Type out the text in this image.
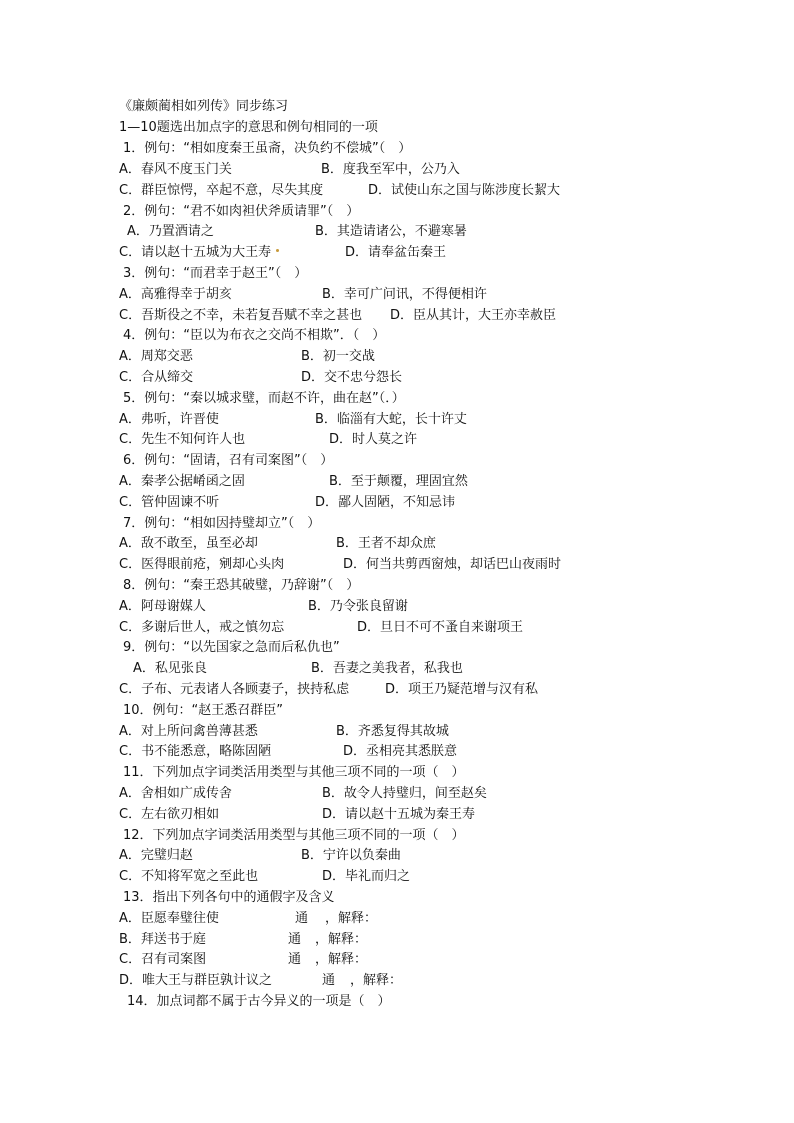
《廉颇蔺相如列传》同步练习
1—10题选出加点字的意思和例句相同的一项
1．例句：“相如度秦王虽斋，决负约不偿城”（　）
A．春风不度玉门关	B．度我至军中，公乃入
C．群臣惊愕，卒起不意，尽失其度	D．试使山东之国与陈涉度长絜大
2．例句：“君不如肉袒伏斧质请罪”（　）
A．乃置酒请之	B．其造请诸公，不避寒暑
C．请以赵十五城为大王寿	D．请奉盆缶秦王
3．例句：“而君幸于赵王”（　）
A．高雅得幸于胡亥	B．幸可广问讯，不得便相许
C．吾斯役之不幸，未若复吾赋不幸之甚也 D．臣从其计，大王亦幸赦臣
4．例句：“臣以为布衣之交尚不相欺”．（　）
A．周郑交恶	B．初一交战
C．合从缔交	D．交不忠兮怨长
5．例句：“秦以城求璧，而赵不许，曲在赵”（．）
A．弗听，许晋使	B．临淄有大蛇，长十许丈
C．先生不知何许人也	D．时人莫之许
6．例句：“固请，召有司案图”（　）
A．秦孝公据崤函之固	B．至于颠覆，理固宜然
C．管仲固谏不听	D．鄙人固陋，不知忌讳
7．例句：“相如因持璧却立”（　）
A．敌不敢至，虽至必却	B．王者不却众庶
C．医得眼前疮，剜却心头肉	D．何当共剪西窗烛，却话巴山夜雨时
8．例句：“秦王恐其破璧，乃辞谢”（　）
A．阿母谢媒人	B．乃令张良留谢
C．多谢后世人，戒之慎勿忘	D．旦日不可不蚤自来谢项王
9．例句：“以先国家之急而后私仇也”
A．私见张良	B．吾妻之美我者，私我也
C．子布、元表诸人各顾妻子，挟持私虑	D．项王乃疑范增与汉有私
10．例句：“赵王悉召群臣”
A．对上所问禽兽薄甚悉	B．齐悉复得其故城
C．书不能悉意，略陈固陋	D．丞相亮其悉朕意
11．下列加点字词类活用类型与其他三项不同的一项（　）
A．舍相如广成传舍	B．故令人持璧归，间至赵矣
C．左右欲刃相如	D．请以赵十五城为秦王寿
12．下列加点字词类活用类型与其他三项不同的一项（　）
A．完璧归赵	B．宁许以负秦曲
C．不知将军宽之至此也	D．毕礼而归之
13．指出下列各句中的通假字及含义
A．臣愿奉璧往使	通 ，解释：
B．拜送书于庭	通 ，解释：
C．召有司案图	通 ，解释：
D．唯大王与群臣孰计议之	通 ，解释：
14．加点词都不属于古今异义的一项是（　）
